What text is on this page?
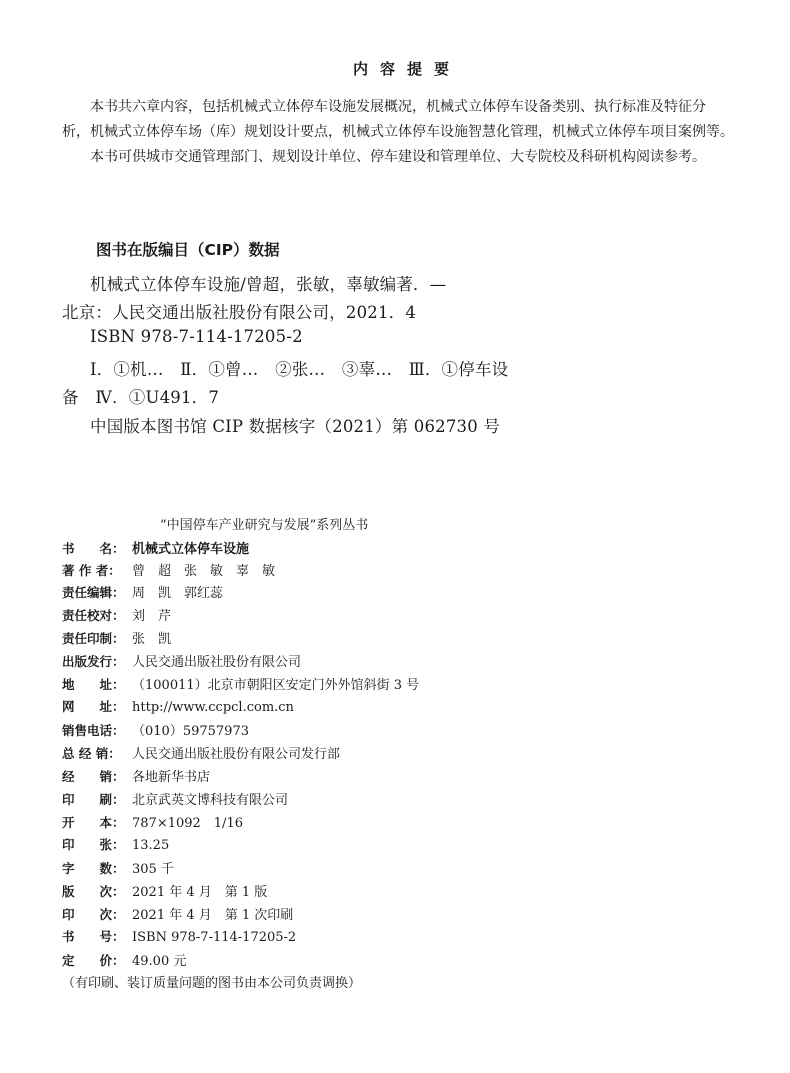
内容提要
本书共六章内容，包括机械式立体停车设施发展概况，机械式立体停车设备类别、执行标准及特征分
析，机械式立体停车场（库）规划设计要点，机械式立体停车设施智慧化管理，机械式立体停车项目案例等。
本书可供城市交通管理部门、规划设计单位、停车建设和管理单位、大专院校及科研机构阅读参考。
图书在版编目（CIP）数据
机械式立体停车设施/曾超，张敏，辜敏编著．—
北京：人民交通出版社股份有限公司，2021．4
ISBN 978-7-114-17205-2
Ⅰ．①机…　Ⅱ．①曾…　②张…　③辜…　Ⅲ．①停车设
备　Ⅳ．①U491．7
中国版本图书馆 CIP 数据核字（2021）第 062730 号
“中国停车产业研究与发展”系列丛书
书　　名： 机械式立体停车设施
著 作 者： 曾　超　张　敏　辜　敏
责任编辑： 周　凯　郭红蕊
责任校对： 刘　芹
责任印制： 张　凯
出版发行： 人民交通出版社股份有限公司
地　　址： （100011）北京市朝阳区安定门外外馆斜街 3 号
网　　址： http://www.ccpcl.com.cn
销售电话： （010）59757973
总 经 销： 人民交通出版社股份有限公司发行部
经　　销： 各地新华书店
印　　刷： 北京武英文博科技有限公司
开　　本： 787×1092　1/16
印　　张： 13.25
字　　数： 305 千
版　　次： 2021 年 4 月　第 1 版
印　　次： 2021 年 4 月　第 1 次印刷
书　　号： ISBN 978-7-114-17205-2
定　　价： 49.00 元
（有印刷、装订质量问题的图书由本公司负责调换）
